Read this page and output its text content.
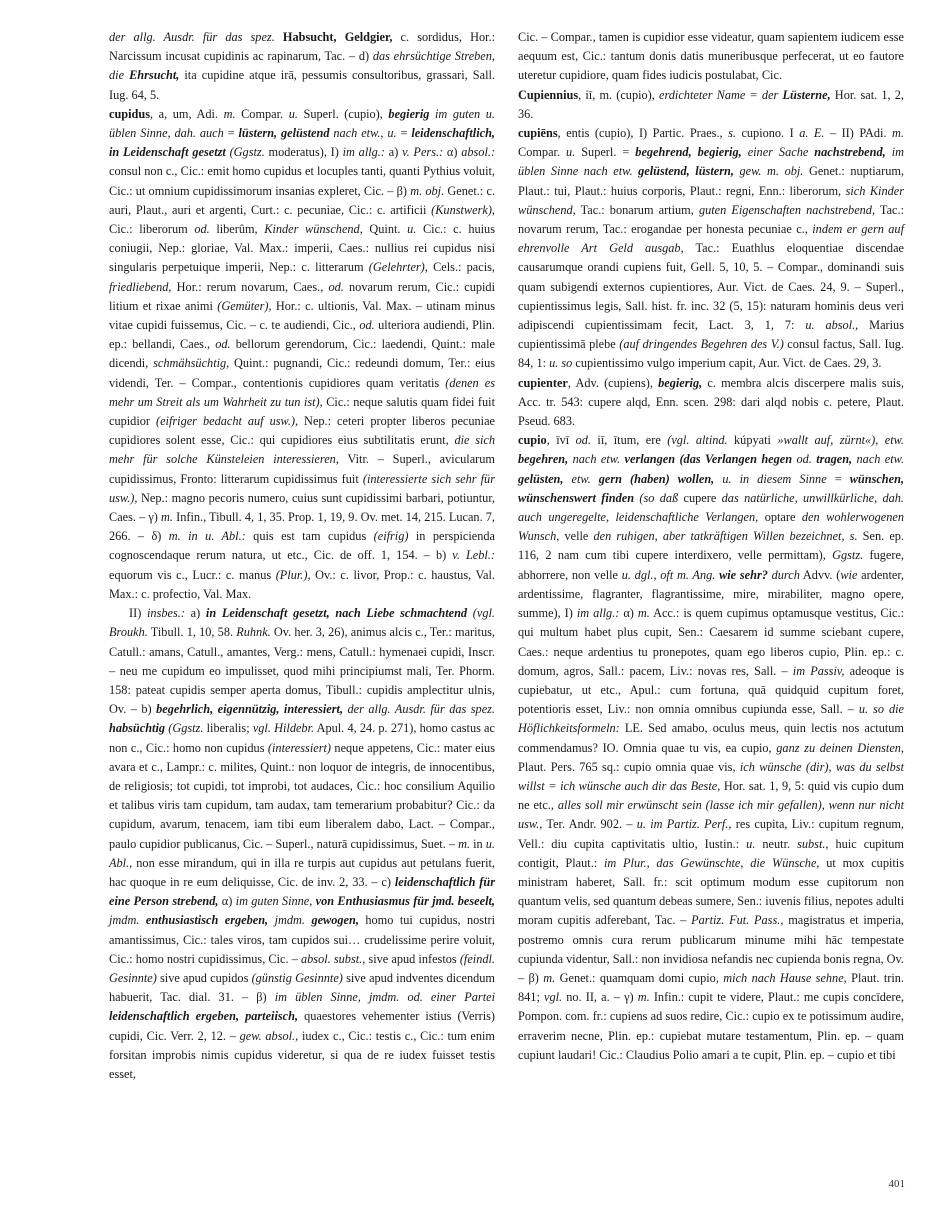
der allg. Ausdr. für das spez. Habsucht, Geldgier, c. sordidus, Hor.: Narcissum incusat cupidinis ac rapinarum, Tac. – d) das ehrsüchtige Streben, die Ehrsucht, ita cupidine atque irā, pessumis consultoribus, grassari, Sall. Iug. 64, 5.

cupidus, a, um, Adi. m. Compar. u. Superl. (cupio), begierig im guten u. üblen Sinne, dah. auch = lüstern, gelüstend nach etw., u. = leidenschaftlich, in Leidenschaft gesetzt (Ggstz. moderatus), I) im allg.: a) v. Pers.: α) absol.: consul non c., Cic.: emit homo cupidus et locuples tanti, quanti Pythius voluit, Cic.: ut omnium cupidissimorum insanias expleret, Cic. – β) m. obj. Genet.: c. auri, Plaut., auri et argenti, Curt.: c. pecuniae, Cic.: c. artificii (Kunstwerk), Cic.: liberorum od. liberûm, Kinder wünschend, Quint. u. Cic.: c. huius coniugii, Nep.: gloriae, Val. Max.: imperii, Caes.: nullius rei cupidus nisi singularis perpetuique imperii, Nep.: c. litterarum (Gelehrter), Cels.: pacis, friedliebend, Hor.: rerum novarum, Caes., od. novarum rerum, Cic.: cupidi litium et rixae animi (Gemüter), Hor.: c. ultionis, Val. Max. – utinam minus vitae cupidi fuissemus, Cic. – c. te audiendi, Cic., od. ulteriora audiendi, Plin. ep.: bellandi, Caes., od. bellorum gerendorum, Cic.: laedendi, Quint.: male dicendi, schmähsüchtig, Quint.: pugnandi, Cic.: redeundi domum, Ter.: eius videndi, Ter. – Compar., contentionis cupidiores quam veritatis (denen es mehr um Streit als um Wahrheit zu tun ist), Cic.: neque salutis quam fidei fuit cupidior (eifriger bedacht auf usw.), Nep.: ceteri propter liberos pecuniae cupidiores solent esse, Cic.: qui cupidiores eius subtilitatis erunt, die sich mehr für solche Künsteleien interessieren, Vitr. – Superl., avicularum cupidissimus, Fronto: litterarum cupidissimus fuit (interessierte sich sehr für usw.), Nep.: magno pecoris numero, cuius sunt cupidissimi barbari, potiuntur, Caes. – γ) m. Infin., Tibull. 4, 1, 35. Prop. 1, 19, 9. Ov. met. 14, 215. Lucan. 7, 266. – δ) m. in u. Abl.: quis est tam cupidus (eifrig) in perspicienda cognoscendaque rerum natura, ut etc., Cic. de off. 1, 154. – b) v. Lebl.: equorum vis c., Lucr.: c. manus (Plur.), Ov.: c. livor, Prop.: c. haustus, Val. Max.: c. profectio, Val. Max.

II) insbes.: a) in Leidenschaft gesetzt, nach Liebe schmachtend (vgl. Broukh. Tibull. 1, 10, 58. Ruhnk. Ov. her. 3, 26), animus alcis c., Ter.: maritus, Catull.: amans, Catull., amantes, Verg.: mens, Catull.: hymenaei cupidi, Inscr. – neu me cupidum eo impulisset, quod mihi principiumst mali, Ter. Phorm. 158: pateat cupidis semper aperta domus, Tibull.: cupidis amplectitur ulnis, Ov. – b) begehrlich, eigennützig, interessiert, der allg. Ausdr. für das spez. habsüchtig (Ggstz. liberalis; vgl. Hildebr. Apul. 4, 24. p. 271), homo castus ac non c., Cic.: homo non cupidus (interessiert) neque appetens, Cic.: mater eius avara et c., Lampr.: c. milites, Quint.: non loquor de integris, de innocentibus, de religiosis; tot cupidi, tot improbi, tot audaces, Cic.: hoc consilium Aquilio et talibus viris tam cupidum, tam audax, tam temerarium probabitur? Cic.: da cupidum, avarum, tenacem, iam tibi eum liberalem dabo, Lact. – Compar., paulo cupidior publicanus, Cic. – Superl., naturā cupidissimus, Suet. – m. in u. Abl., non esse mirandum, qui in illa re turpis aut cupidus aut petulans fuerit, hac quoque in re eum deliquisse, Cic. de inv. 2, 33. – c) leidenschaftlich für eine Person strebend, α) im guten Sinne, von Enthusiasmus für jmd. beseelt, jmdm. enthusiastisch ergeben, jmdm. gewogen, homo tui cupidus, nostri amantissimus, Cic.: tales viros, tam cupidos sui… crudelissime perire voluit, Cic.: homo nostri cupidissimus, Cic. – absol. subst., sive apud infestos (feindl. Gesinnte) sive apud cupidos (günstig Gesinnte) sive apud indventes dicendum habuerit, Tac. dial. 31. – β) im üblen Sinne, jmdm. od. einer Partei leidenschaftlich ergeben, parteiisch, quaestores vehementer istius (Verris) cupidi, Cic. Verr. 2, 12. – gew. absol., iudex c., Cic.: testis c., Cic.: tum enim forsitan improbis nimis cupidus videretur, si qua de re iudex fuisset testis esset,

Cic. – Compar., tamen is cupidior esse videatur, quam sapientem iudicem esse aequum est, Cic.: tantum donis datis muneribusque perfecerat, ut eo fautore uteretur cupidiore, quam fides iudicis postulabat, Cic.

Cupiennius, iī, m. (cupio), erdichteter Name = der Lüsterne, Hor. sat. 1, 2, 36.

cupiēns, entis (cupio), I) Partic. Praes., s. cupiono. I a. E. – II) PAdi. m. Compar. u. Superl. = begehrend, begierig, einer Sache nachstrebend, im üblen Sinne nach etw. gelüstend, lüstern, gew. m. obj. Genet.: nuptiarum, Plaut.: tui, Plaut.: huius corporis, Plaut.: regni, Enn.: liberorum, sich Kinder wünschend, Tac.: bonarum artium, guten Eigenschaften nachstrebend, Tac.: novarum rerum, Tac.: erogandae per honesta pecuniae c., indem er gern auf ehrenvolle Art Geld ausgab, Tac.: Euathlus eloquentiae discendae causarumque orandi cupiens fuit, Gell. 5, 10, 5. – Compar., dominandi suis quam subigendi externos cupientiores, Aur. Vict. de Caes. 24, 9. – Superl., cupientissimus legis, Sall. hist. fr. inc. 32 (5, 15): naturam hominis deus veri adipiscendi cupientissimam fecit, Lact. 3, 1, 7: u. absol., Marius cupientissimā plebe (auf dringendes Begehren des V.) consul factus, Sall. Iug. 84, 1: u. so cupientissimo vulgo imperium capit, Aur. Vict. de Caes. 29, 3.

cupienter, Adv. (cupiens), begierig, c. membra alcis discerpere malis suis, Acc. tr. 543: cupere alqd, Enn. scen. 298: dari alqd nobis c. petere, Plaut. Pseud. 683.

cupio, īvī od. iī, ītum, ere (vgl. altind. kúpyati »wallt auf, zürnt«), etw. begehren, nach etw. verlangen (das Verlangen hegen od. tragen, nach etw. gelüsten, etw. gern (haben) wollen, u. in diesem Sinne = wünschen, wünschenswert finden (so daß cupere das natürliche, unwillkürliche, dah. auch ungeregelte, leidenschaftliche Verlangen, optare den wohlerwogenen Wunsch, velle den ruhigen, aber tatkräftigen Willen bezeichnet, s. Sen. ep. 116, 2 nam cum tibi cupere interdixero, velle permittam), Ggstz. fugere, abhorrere, non velle u. dgl., oft m. Ang. wie sehr? durch Advv. (wie ardenter, ardentissime, flagranter, flagrantissime, mire, mirabiliter, magno opere, summe), I) im allg.: α) m. Acc.: is quem cupimus optamusque vestitus, Cic.: qui multum habet plus cupit, Sen.: Caesarem id summe sciebant cupere, Caes.: neque ardentius tu pronepotes, quam ego liberos cupio, Plin. ep.: c. domum, agros, Sall.: pacem, Liv.: novas res, Sall. – im Passiv, adeoque is cupiebatur, ut etc., Apul.: cum fortuna, quā quidquid cupitum foret, potentioris esset, Liv.: non omnia omnibus cupiunda esse, Sall. – u. so die Höflichkeitsformeln: LE. Sed amabo, oculus meus, quin lectis nos actutum commendamus? IO. Omnia quae tu vis, ea cupio, ganz zu deinen Diensten, Plaut. Pers. 765 sq.: cupio omnia quae vis, ich wünsche (dir), was du selbst willst = ich wünsche auch dir das Beste, Hor. sat. 1, 9, 5: quid vis cupio dum ne etc., alles soll mir erwünscht sein (lasse ich mir gefallen), wenn nur nicht usw., Ter. Andr. 902. – u. im Partiz. Perf., res cupita, Liv.: cupitum regnum, Vell.: diu cupita captivitatis ultio, Iustin.: u. neutr. subst., huic cupitum contigit, Plaut.: im Plur., das Gewünschte, die Wünsche, ut mox cupitis ministram haberet, Sall. fr.: scit optimum modum esse cupitorum non quantum velis, sed quantum debeas sumere, Sen.: iuvenis filius, nepotes adulti moram cupitis adferebant, Tac. – Partiz. Fut. Pass., magistratus et imperia, postremo omnis cura rerum publicarum minume mihi hāc tempestate cupiunda videntur, Sall.: non invidiosa nefandis nec cupienda bonis regna, Ov. – β) m. Genet.: quamquam domi cupio, mich nach Hause sehne, Plaut. trin. 841; vgl. no. II, a. – γ) m. Infin.: cupit te videre, Plaut.: me cupis concīdere, Pompon. com. fr.: cupiens ad suos redire, Cic.: cupio ex te potissimum audire, erraverim necne, Plin. ep.: cupiebat mutare testamentum, Plin. ep. – quam cupiunt laudari! Cic.: Claudius Polio amari a te cupit, Plin. ep. – cupio et tibi

401
